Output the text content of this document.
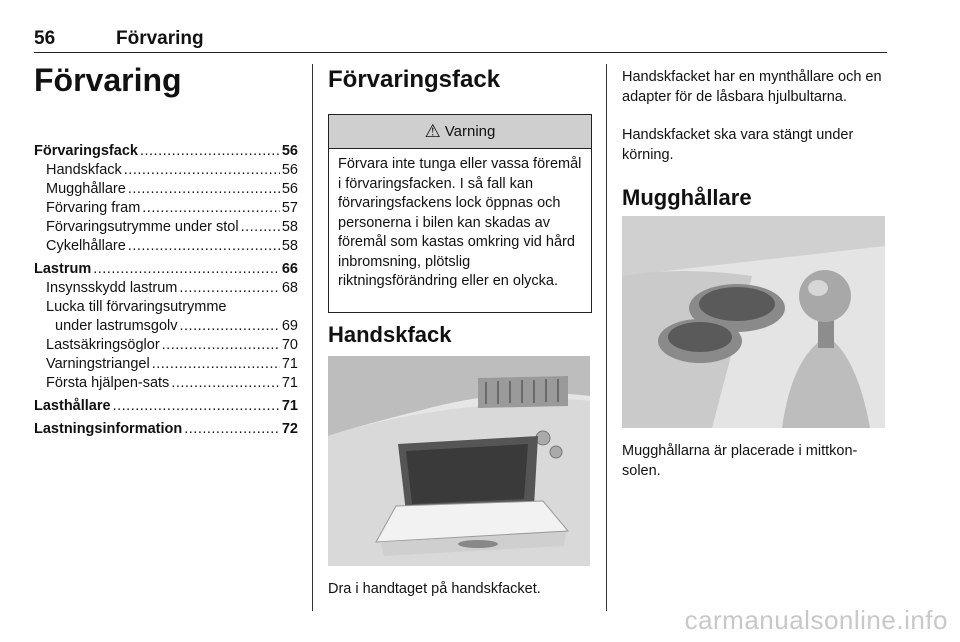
56	Förvaring
Förvaring
Förvaringsfack .....	56
Handskfack .....	56
Mugghållare .....	56
Förvaring fram .....	57
Förvaringsutrymme under stol .....	58
Cykelhållare .....	58
Lastrum .....	66
Insynsskydd lastrum .....	68
Lucka till förvaringsutrymme
under lastrumsgolv .....	69
Lastsäkringsöglor .....	70
Varningstriangel .....	71
Första hjälpen-sats .....	71
Lasthållare .....	71
Lastningsinformation .....	72
Förvaringsfack
⚠ Varning
Förvara inte tunga eller vassa föremål i förvaringsfacken. I så fall kan förvaringsfackens lock öppnas och personerna i bilen kan skadas av föremål som kastas omkring vid hård inbromsning, plötslig riktningsförändring eller en olycka.
Handskfack
Dra i handtaget på handskfacket.
Handskfacket har en mynthållare och en adapter för de låsbara hjulbultarna.
Handskfacket ska vara stängt under körning.
Mugghållare
Mugghållarna är placerade i mittkonsolen.
carmanualsonline.info
